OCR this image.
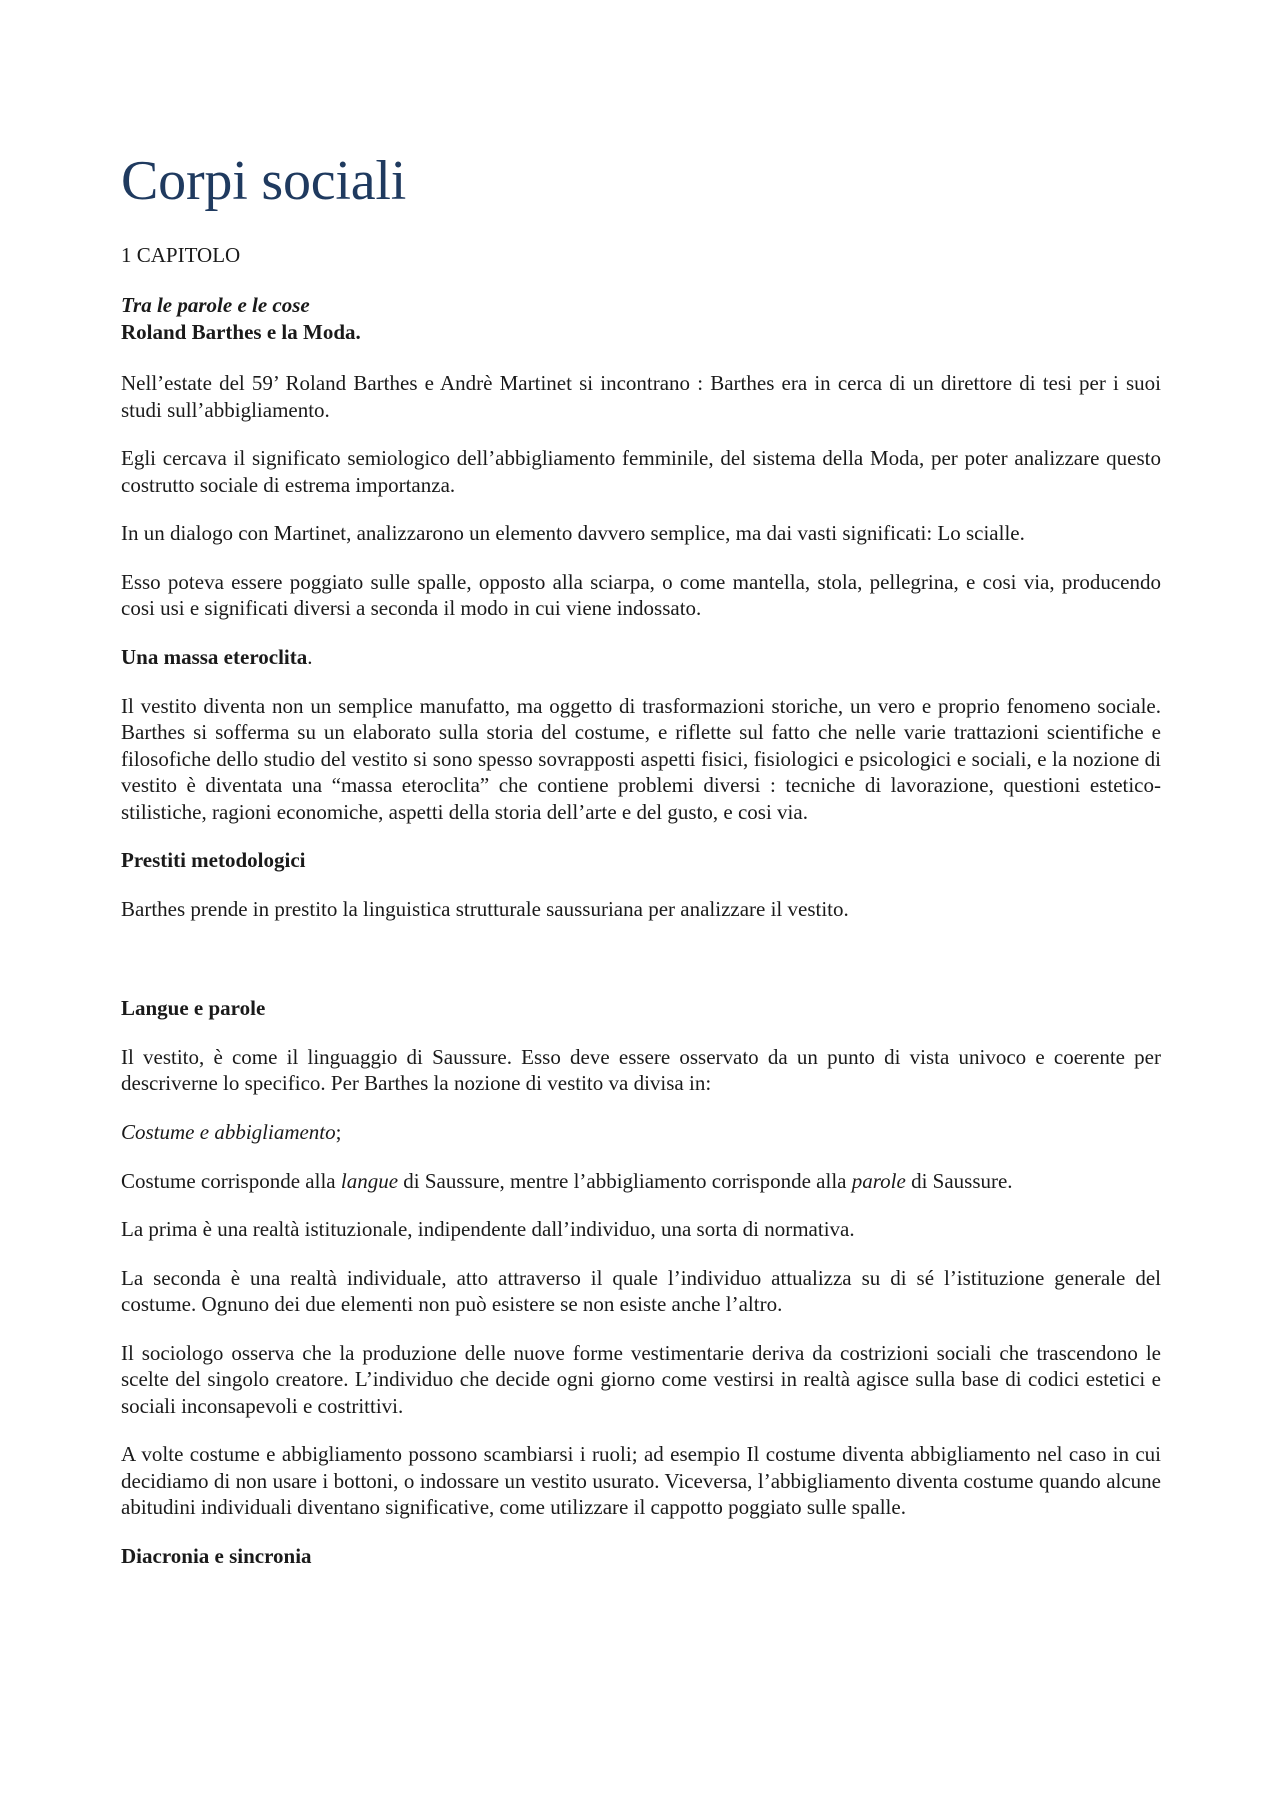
Corpi sociali

1 CAPITOLO

Tra le parole e le cose

Roland Barthes e la Moda.

Nell’estate del 59’ Roland Barthes e Andrè Martinet si incontrano : Barthes era in cerca di un direttore di tesi per i suoi studi sull’abbigliamento.

Egli cercava il significato semiologico dell’abbigliamento femminile, del sistema della Moda, per poter analizzare questo costrutto sociale di estrema importanza.

In un dialogo con Martinet, analizzarono un elemento davvero semplice, ma dai vasti significati: Lo scialle.

Esso poteva essere poggiato sulle spalle, opposto alla sciarpa, o come mantella, stola, pellegrina, e cosi via, producendo cosi usi e significati diversi a seconda il modo in cui viene indossato.

Una massa eteroclita.

Il vestito diventa non un semplice manufatto, ma oggetto di trasformazioni storiche, un vero e proprio fenomeno sociale. Barthes si sofferma su un elaborato sulla storia del costume, e riflette sul fatto che nelle varie trattazioni scientifiche e filosofiche dello studio del vestito si sono spesso sovrapposti aspetti fisici, fisiologici e psicologici e sociali, e la nozione di vestito è diventata una “massa eteroclita” che contiene problemi diversi : tecniche di lavorazione, questioni estetico-stilistiche, ragioni economiche, aspetti della storia dell’arte e del gusto, e cosi via.

Prestiti metodologici

Barthes prende in prestito la linguistica strutturale saussuriana per analizzare il vestito.

Langue e parole

Il vestito, è come il linguaggio di Saussure. Esso deve essere osservato da un punto di vista univoco e coerente per descriverne lo specifico. Per Barthes la nozione di vestito va divisa in:

Costume e abbigliamento;

Costume corrisponde alla langue di Saussure, mentre l’abbigliamento corrisponde alla parole di Saussure.

La prima è una realtà istituzionale, indipendente dall’individuo, una sorta di normativa.

La seconda è una realtà individuale, atto attraverso il quale l’individuo attualizza su di sé l’istituzione generale del costume. Ognuno dei due elementi non può esistere se non esiste anche l’altro.

Il sociologo osserva che la produzione delle nuove forme vestimentarie deriva da costrizioni sociali che trascendono le scelte del singolo creatore. L’individuo che decide ogni giorno come vestirsi in realtà agisce sulla base di codici estetici e sociali inconsapevoli e costrittivi.

A volte costume e abbigliamento possono scambiarsi i ruoli; ad esempio Il costume diventa abbigliamento nel caso in cui decidiamo di non usare i bottoni, o indossare un vestito usurato. Viceversa, l’abbigliamento diventa costume quando alcune abitudini individuali diventano significative, come utilizzare il cappotto poggiato sulle spalle.

Diacronia e sincronia
